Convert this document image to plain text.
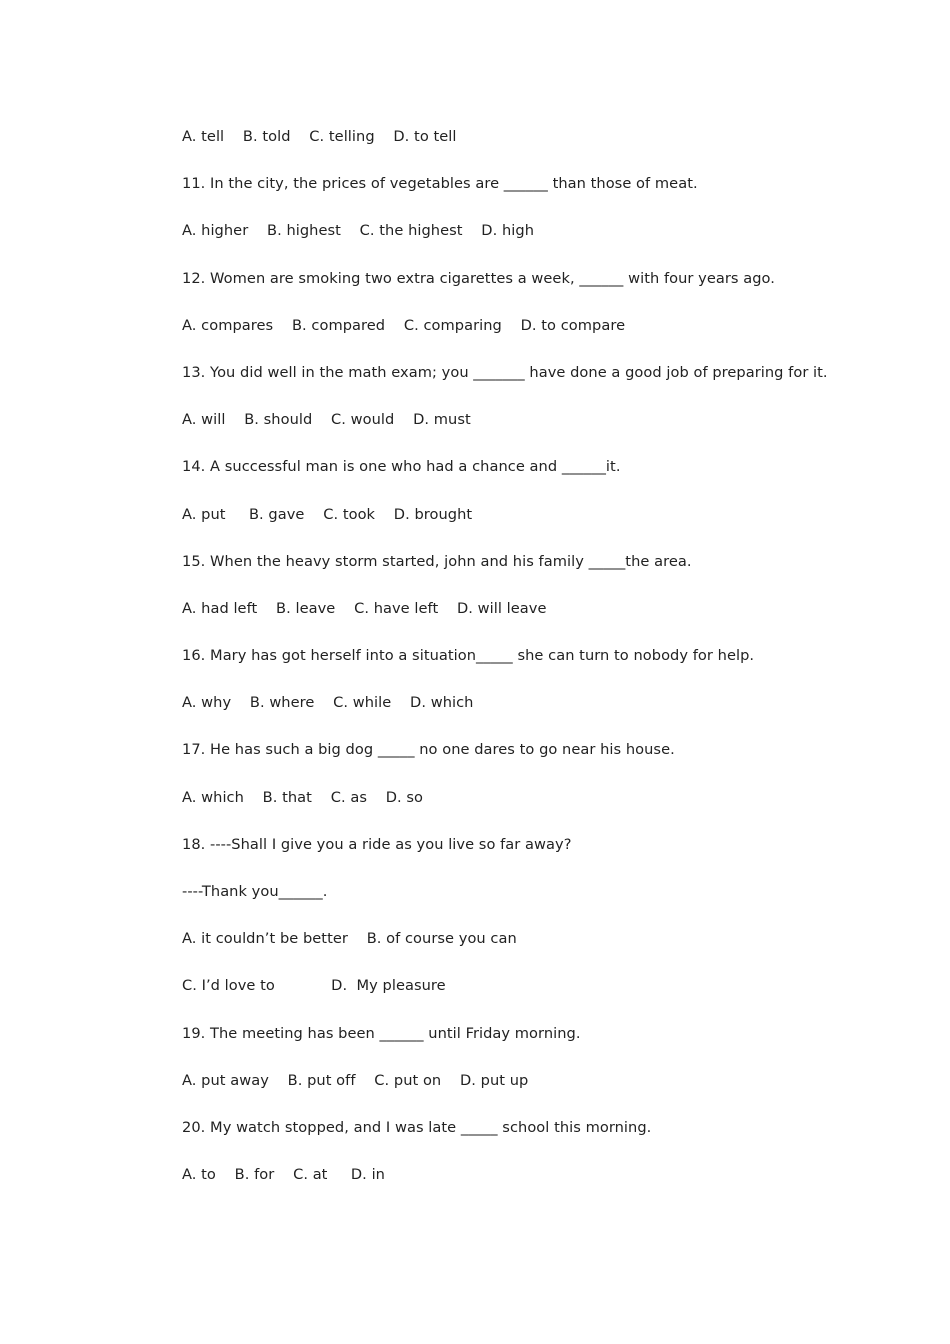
A. tell    B. told    C. telling    D. to tell
11. In the city, the prices of vegetables are ______ than those of meat.
A. higher    B. highest    C. the highest    D. high
12. Women are smoking two extra cigarettes a week, ______ with four years ago.
A. compares    B. compared    C. comparing    D. to compare
13. You did well in the math exam; you _______ have done a good job of preparing for it.
A. will    B. should    C. would    D. must
14. A successful man is one who had a chance and ______it.
A. put     B. gave    C. took    D. brought
15. When the heavy storm started, john and his family _____the area.
A. had left    B. leave    C. have left    D. will leave
16. Mary has got herself into a situation_____ she can turn to nobody for help.
A. why    B. where    C. while    D. which
17. He has such a big dog _____ no one dares to go near his house.
A. which    B. that    C. as    D. so
18. ----Shall I give you a ride as you live so far away?
----Thank you______.
A. it couldn’t be better    B. of course you can
C. I’d love to            D.  My pleasure
19. The meeting has been ______ until Friday morning.
A. put away    B. put off    C. put on    D. put up
20. My watch stopped, and I was late _____ school this morning.
A. to    B. for    C. at     D. in
